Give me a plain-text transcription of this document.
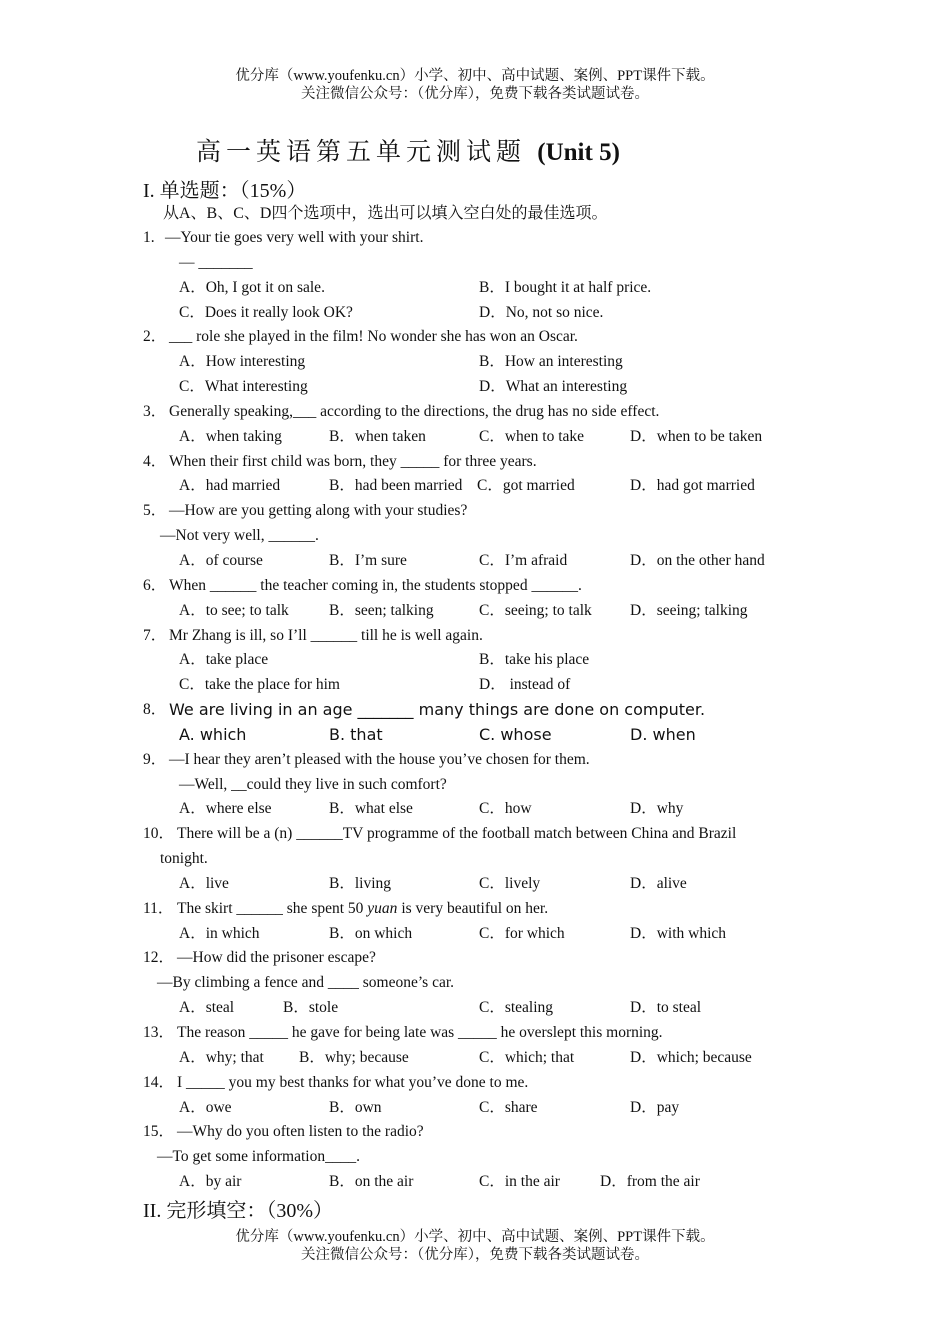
优分库（www.youfenku.cn）小学、初中、高中试题、案例、PPT课件下载。
关注微信公众号：（优分库），免费下载各类试题试卷。
高一英语第五单元测试题 (Unit 5)
I. 单选题：（15%）
从A、B、C、D四个选项中，选出可以填入空白处的最佳选项。
1. —Your tie goes very well with your shirt.
— _______
A．Oh, I got it on sale.	B．I bought it at half price.
C．Does it really look OK?	D．No, not so nice.
2． ___ role she played in the film! No wonder she has won an Oscar.
A．How interesting	B．How an interesting
C．What interesting	D．What an interesting
3． Generally speaking,___ according to the directions, the drug has no side effect.
A．when taking	B．when taken	C．when to take	D．when to be taken
4． When their first child was born, they _____ for three years.
A．had married	B．had been married C．got married	D．had got married
5． —How are you getting along with your studies?
—Not very well, ______.
A．of course	B．I’m sure	C．I’m afraid	D．on the other hand
6． When ______ the teacher coming in, the students stopped ______.
A．to see; to talk	B．seen; talking	C．seeing; to talk D．seeing; talking
7． Mr Zhang is ill, so I’ll ______ till he is well again.
A．take place	B．take his place
C．take the place for him	D． instead of
8． We are living in an age _______ many things are done on computer.
A. which	B. that	C. whose	D. when
9． —I hear they aren’t pleased with the house you’ve chosen for them.
—Well, __could they live in such comfort?
A．where else	B．what else	C．how	D．why
10． There will be a (n) ______TV programme of the football match between China and Brazil
tonight.
A．live	B．living	C．lively	D．alive
11． The skirt ______ she spent 50 yuan is very beautiful on her.
A．in which	B．on which	C．for which	D．with which
12． —How did the prisoner escape?
—By climbing a fence and ____ someone’s car.
A．steal	B．stole	C．stealing	D．to steal
13． The reason _____ he gave for being late was _____ he overslept this morning.
A．why; that B．why; because	C．which; that	D．which; because
14． I _____ you my best thanks for what you’ve done to me.
A．owe	B．own	C．share	D．pay
15． —Why do you often listen to the radio?
—To get some information____.
A．by air	B．on the air	C．in the air	D．from the air
II. 完形填空：（30%）
优分库（www.youfenku.cn）小学、初中、高中试题、案例、PPT课件下载。
关注微信公众号：（优分库），免费下载各类试题试卷。
